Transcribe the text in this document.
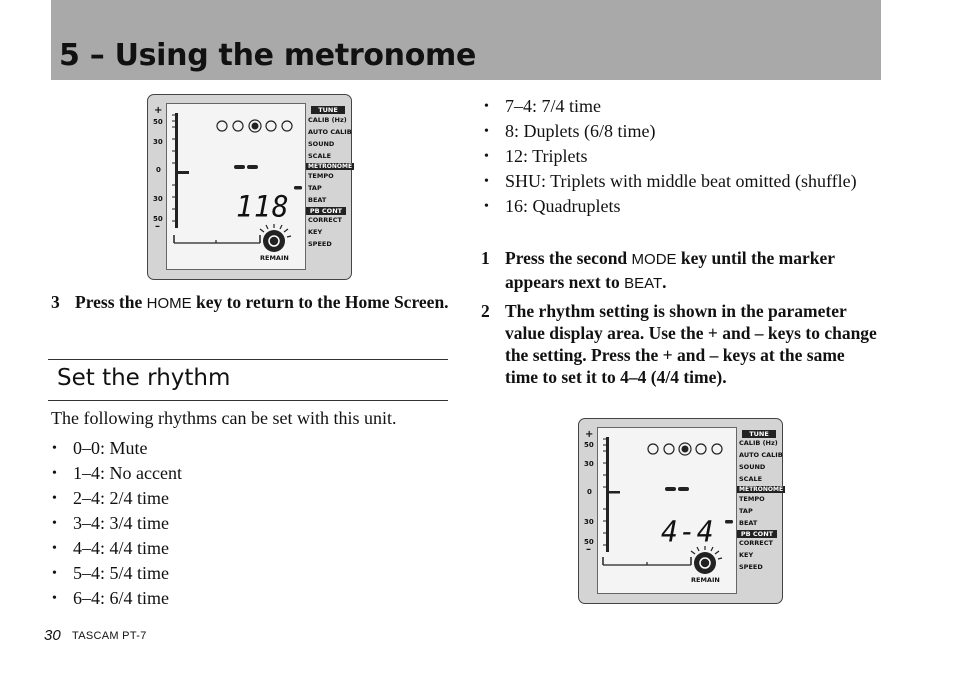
5 – Using the metronome
+
50
30
0
30
50
–
118
REMAIN
TUNE
CALIB (Hz)
AUTO CALIB
SOUND
SCALE
METRONOME
TEMPO
TAP
BEAT
PB CONT
CORRECT
KEY
SPEED
3 Press the HOME key to return to the Home Screen.
Set the rhythm
The following rhythms can be set with this unit.
• 0–0: Mute
• 1–4: No accent
• 2–4: 2/4 time
• 3–4: 3/4 time
• 4–4: 4/4 time
• 5–4: 5/4 time
• 6–4: 6/4 time
• 7–4: 7/4 time
• 8: Duplets (6/8 time)
• 12: Triplets
• SHU: Triplets with middle beat omitted (shuffle)
• 16: Quadruplets
1 Press the second MODE key until the marker appears next to BEAT.
2 The rhythm setting is shown in the parameter value display area. Use the + and – keys to change the setting. Press the + and – keys at the same time to set it to 4–4 (4/4 time).
+
50
30
0
30
50
–
4-4
REMAIN
TUNE
CALIB (Hz)
AUTO CALIB
SOUND
SCALE
METRONOME
TEMPO
TAP
BEAT
PB CONT
CORRECT
KEY
SPEED
30 TASCAM PT-7
